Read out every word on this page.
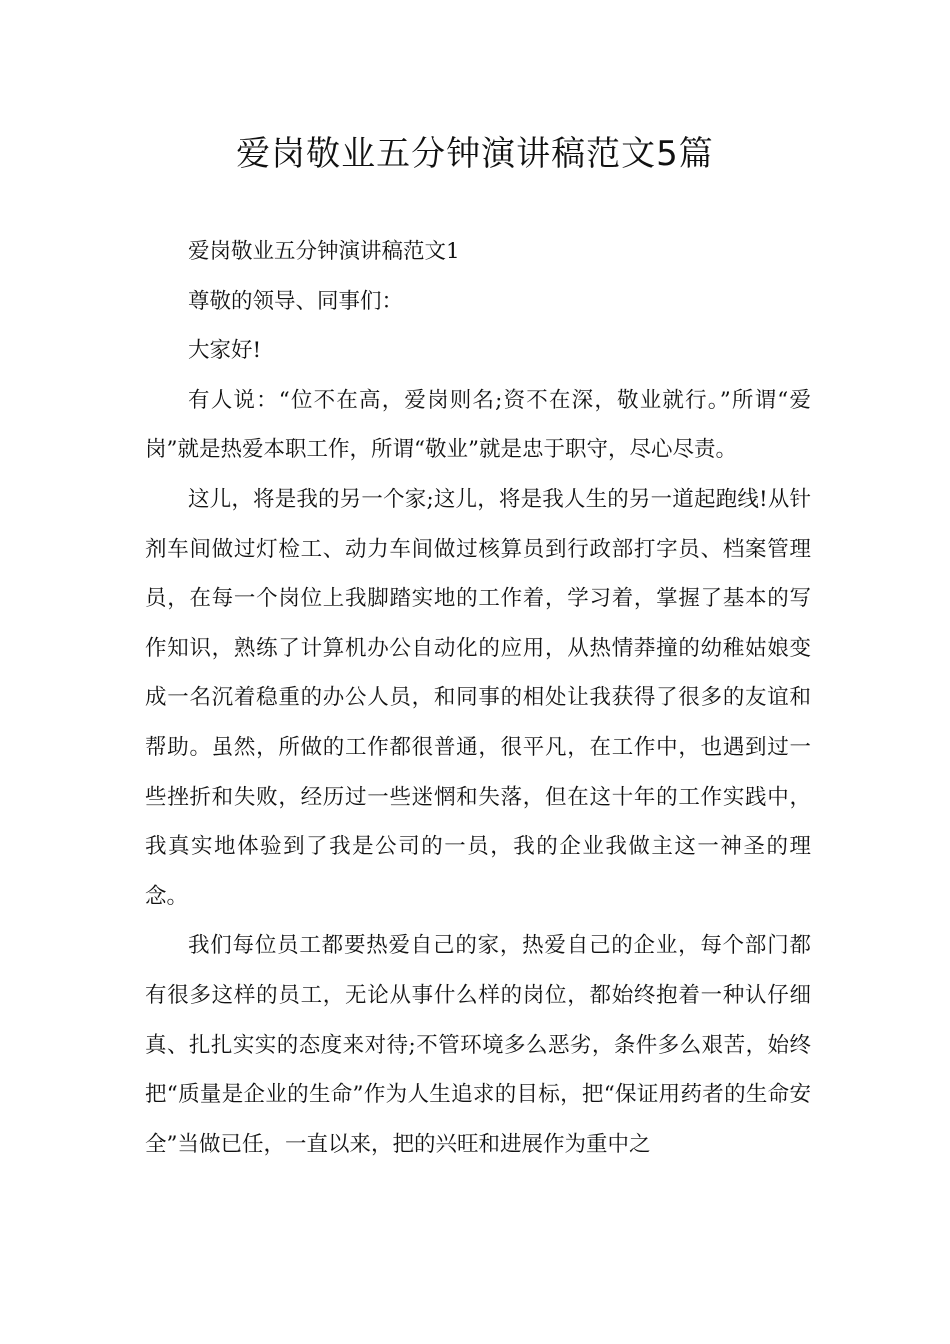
爱岗敬业五分钟演讲稿范文5篇

爱岗敬业五分钟演讲稿范文1

尊敬的领导、同事们：

大家好!

有人说：“位不在高，爱岗则名;资不在深，敬业就行。”所谓“爱岗”就是热爱本职工作，所谓“敬业”就是忠于职守，尽心尽责。

这儿，将是我的另一个家;这儿，将是我人生的另一道起跑线!从针剂车间做过灯检工、动力车间做过核算员到行政部打字员、档案管理员，在每一个岗位上我脚踏实地的工作着，学习着，掌握了基本的写作知识，熟练了计算机办公自动化的应用，从热情莽撞的幼稚姑娘变成一名沉着稳重的办公人员，和同事的相处让我获得了很多的友谊和帮助。虽然，所做的工作都很普通，很平凡，在工作中，也遇到过一些挫折和失败，经历过一些迷惘和失落，但在这十年的工作实践中，我真实地体验到了我是公司的一员，我的企业我做主这一神圣的理念。

我们每位员工都要热爱自己的家，热爱自己的企业，每个部门都有很多这样的员工，无论从事什么样的岗位，都始终抱着一种认仔细真、扎扎实实的态度来对待;不管环境多么恶劣，条件多么艰苦，始终把“质量是企业的生命”作为人生追求的目标，把“保证用药者的生命安全”当做已任，一直以来，把的兴旺和进展作为重中之
